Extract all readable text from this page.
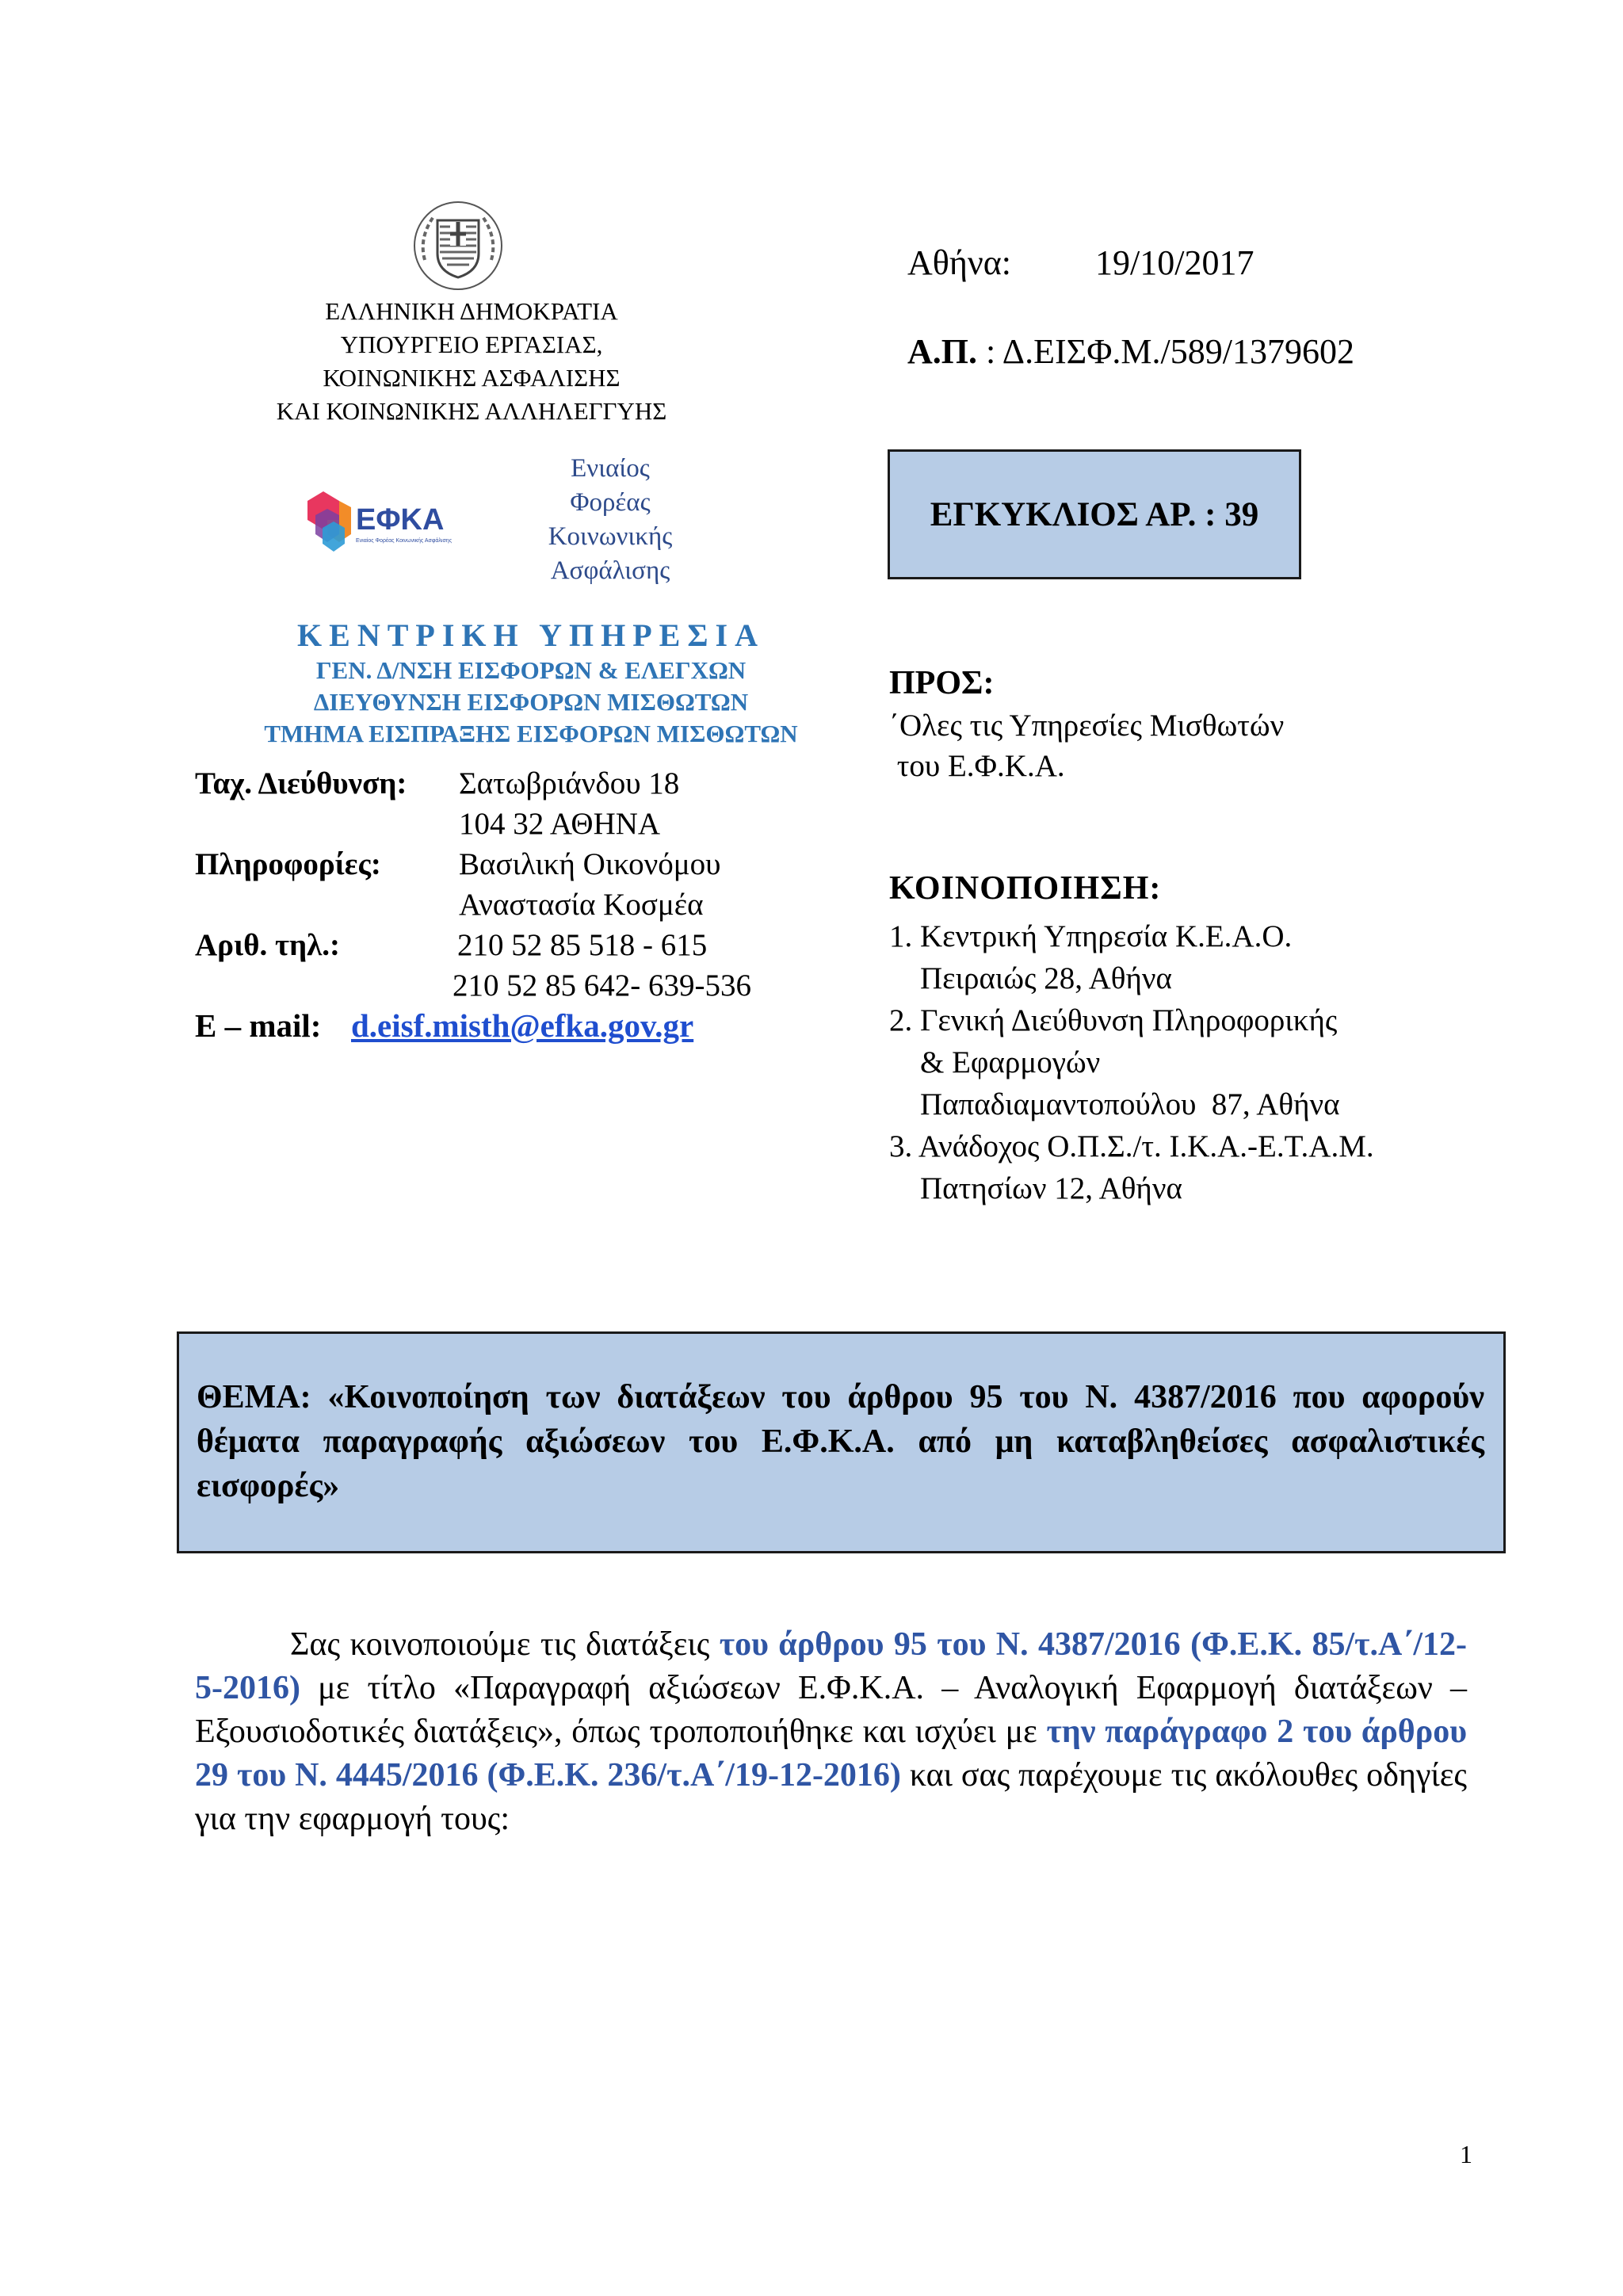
ΕΛΛΗΝΙΚΗ ΔΗΜΟΚΡΑΤΙΑ
ΥΠΟΥΡΓΕΙΟ ΕΡΓΑΣΙΑΣ,
ΚΟΙΝΩΝΙΚΗΣ ΑΣΦΑΛΙΣΗΣ
ΚΑΙ ΚΟΙΝΩΝΙΚΗΣ ΑΛΛΗΛΕΓΓΥΗΣ
ΕΦΚΑ
Ενιαίος Φορέας Κοινωνικής Ασφάλισης
Ενιαίος
Φορέας
Κοινωνικής
Ασφάλισης
ΚΕΝΤΡΙΚΗ ΥΠΗΡΕΣΙΑ
ΓΕΝ. Δ/ΝΣΗ ΕΙΣΦΟΡΩΝ & ΕΛΕΓΧΩΝ
ΔΙΕΥΘΥΝΣΗ ΕΙΣΦΟΡΩΝ ΜΙΣΘΩΤΩΝ
ΤΜΗΜΑ ΕΙΣΠΡΑΞΗΣ ΕΙΣΦΟΡΩΝ ΜΙΣΘΩΤΩΝ
Ταχ. Διεύθυνση: Σατωβριάνδου 18
104 32 ΑΘΗΝΑ
Πληροφορίες:	Βασιλική Οικονόμου
Αναστασία Κοσμέα
Αριθ. τηλ.:	210 52 85 518 - 615
210 52 85 642- 639-536
E – mail: d.eisf.misth@efka.gov.gr
Αθήνα: 19/10/2017
Α.Π. : Δ.ΕΙΣΦ.Μ./589/1379602
ΕΓΚΥΚΛΙΟΣ ΑΡ. : 39
ΠΡΟΣ:
΄Ολες τις Υπηρεσίες Μισθωτών
του Ε.Φ.Κ.Α.
ΚΟΙΝΟΠΟΙΗΣΗ:
1. Κεντρική Υπηρεσία Κ.Ε.Α.Ο.
Πειραιώς 28, Αθήνα
2. Γενική Διεύθυνση Πληροφορικής
& Εφαρμογών
Παπαδιαμαντοπούλου  87, Αθήνα
3. Ανάδοχος Ο.Π.Σ./τ. Ι.Κ.Α.-Ε.Τ.Α.Μ.
Πατησίων 12, Αθήνα
ΘΕΜΑ: «Κοινοποίηση των διατάξεων του άρθρου 95 του Ν. 4387/2016 που αφορούν θέματα παραγραφής αξιώσεων του Ε.Φ.Κ.Α. από μη καταβληθείσες ασφαλιστικές εισφορές»
Σας κοινοποιούμε τις διατάξεις του άρθρου 95 του Ν. 4387/2016 (Φ.Ε.Κ. 85/τ.Α΄/12-5-2016) με τίτλο «Παραγραφή αξιώσεων Ε.Φ.Κ.Α. – Αναλογική Εφαρμογή διατάξεων – Εξουσιοδοτικές διατάξεις», όπως τροποποιήθηκε και ισχύει με την παράγραφο 2 του άρθρου 29 του Ν. 4445/2016 (Φ.Ε.Κ. 236/τ.Α΄/19-12-2016) και σας παρέχουμε τις ακόλουθες οδηγίες για την εφαρμογή τους:
1
